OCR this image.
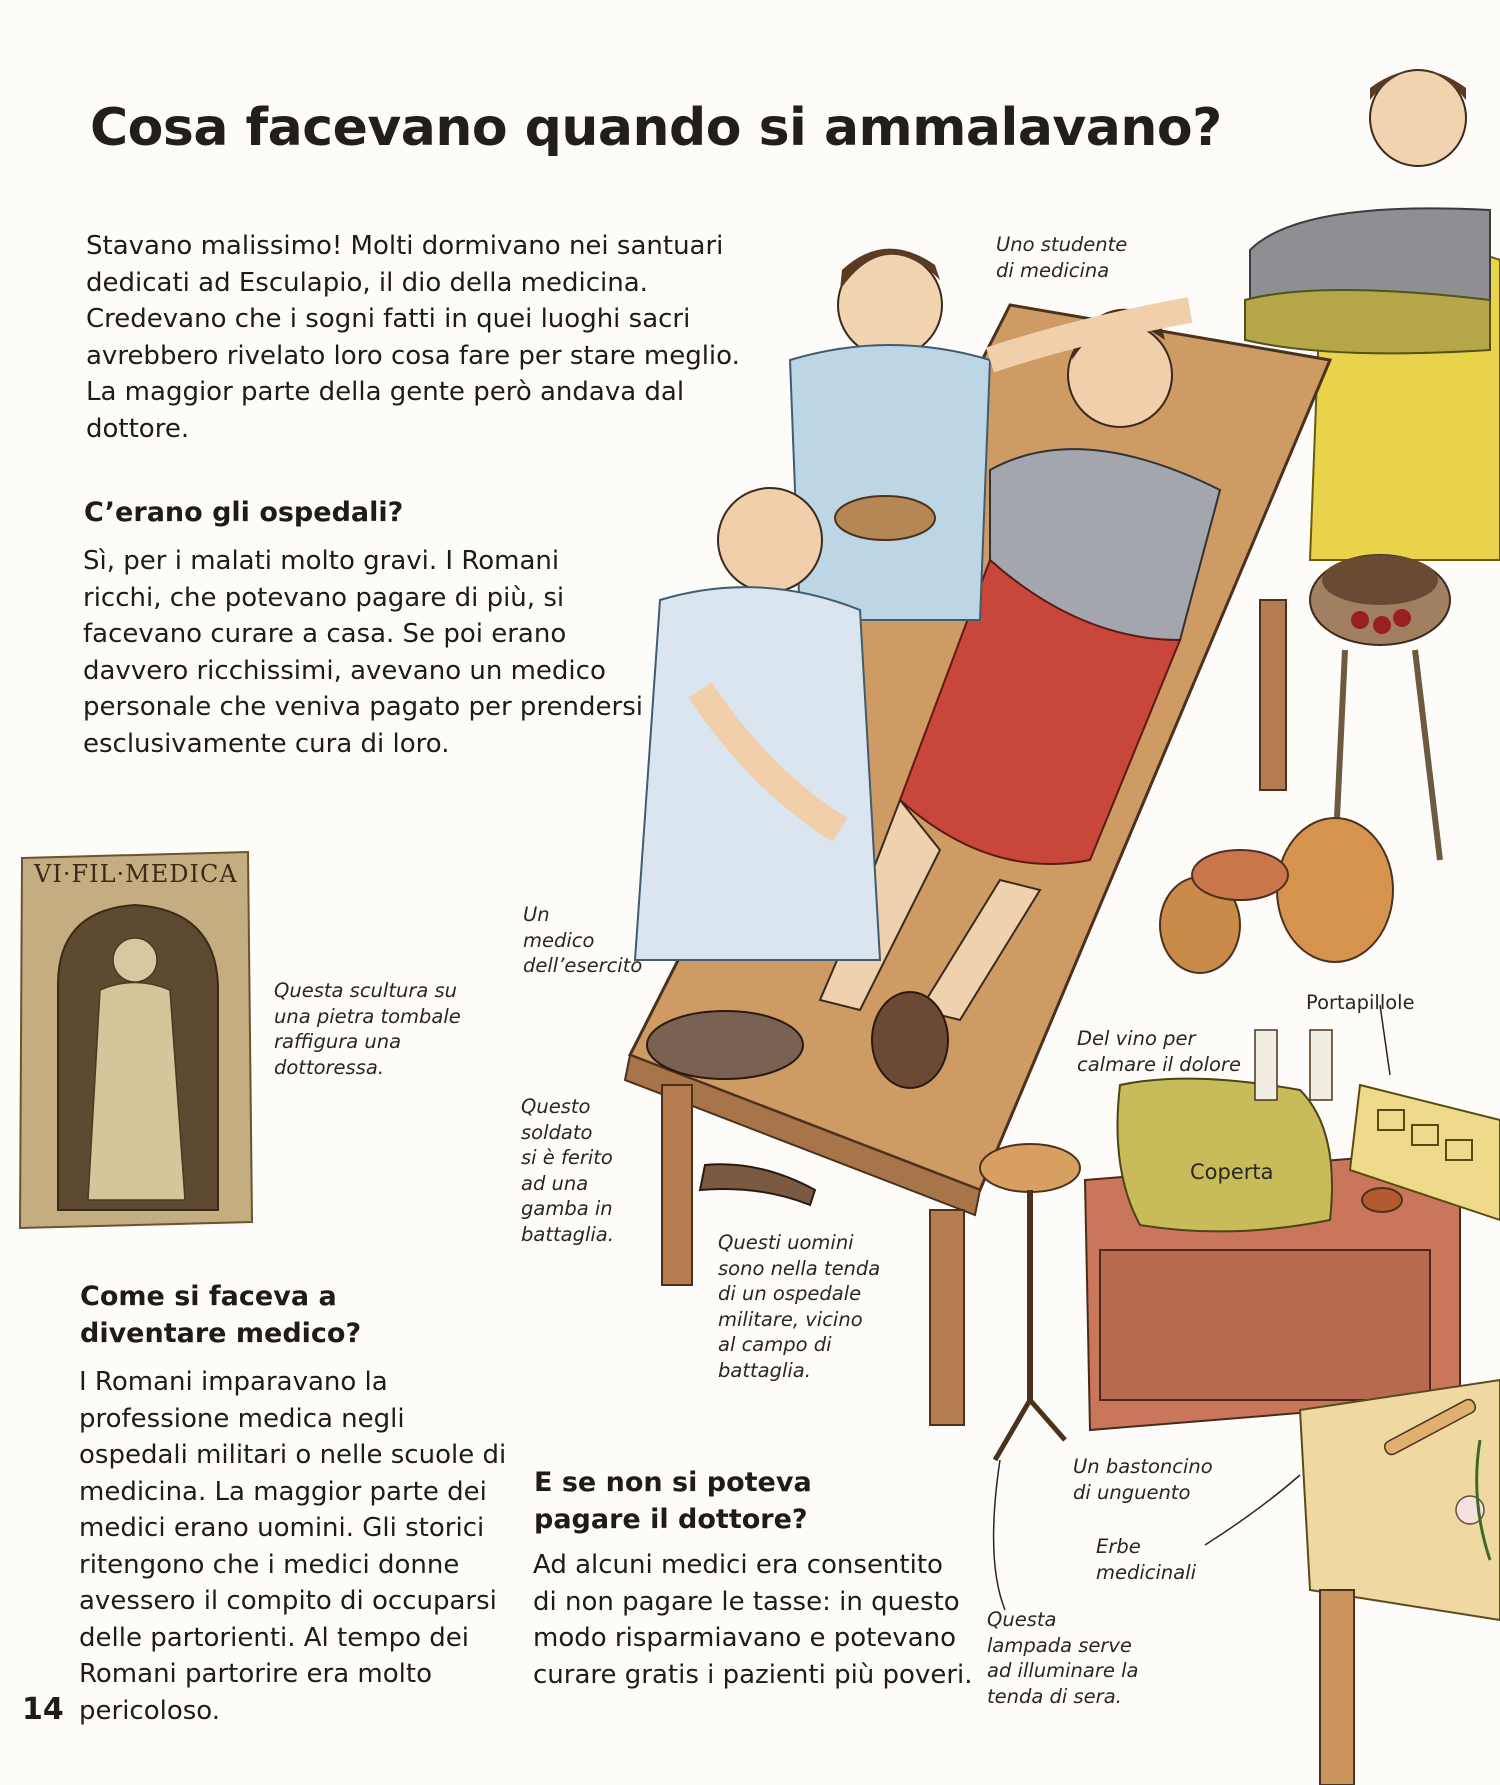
Cosa facevano quando si ammalavano?
Stavano malissimo! Molti dormivano nei santuari dedicati ad Esculapio, il dio della medicina. Credevano che i sogni fatti in quei luoghi sacri avrebbero rivelato loro cosa fare per stare meglio. La maggior parte della gente però andava dal dottore.
C’erano gli ospedali?
Sì, per i malati molto gravi. I Romani ricchi, che potevano pagare di più, si facevano curare a casa. Se poi erano davvero ricchissimi, avevano un medico personale che veniva pagato per prendersi esclusivamente cura di loro.
Come si faceva a diventare medico?
I Romani imparavano la professione medica negli ospedali militari o nelle scuole di medicina. La maggior parte dei medici erano uomini. Gli storici ritengono che i medici donne avessero il compito di occuparsi delle partorienti. Al tempo dei Romani partorire era molto pericoloso.
E se non si poteva pagare il dottore?
Ad alcuni medici era consentito di non pagare le tasse: in questo modo risparmiavano e potevano curare gratis i pazienti più poveri.
VI·FIL·MEDICA
Questa scultura su
una pietra tombale
raffigura una
dottoressa.
Uno studente
di medicina
Un
medico
dell’esercito
Questo
soldato
si è ferito
ad una
gamba in
battaglia.	Questi uomini
sono nella tenda
di un ospedale
militare, vicino
al campo di
battaglia.
Portapillole
Del vino per
calmare il dolore
Coperta
Un bastoncino
di unguento
Erbe
medicinali
Questa
lampada serve
ad illuminare la
tenda di sera.
14
